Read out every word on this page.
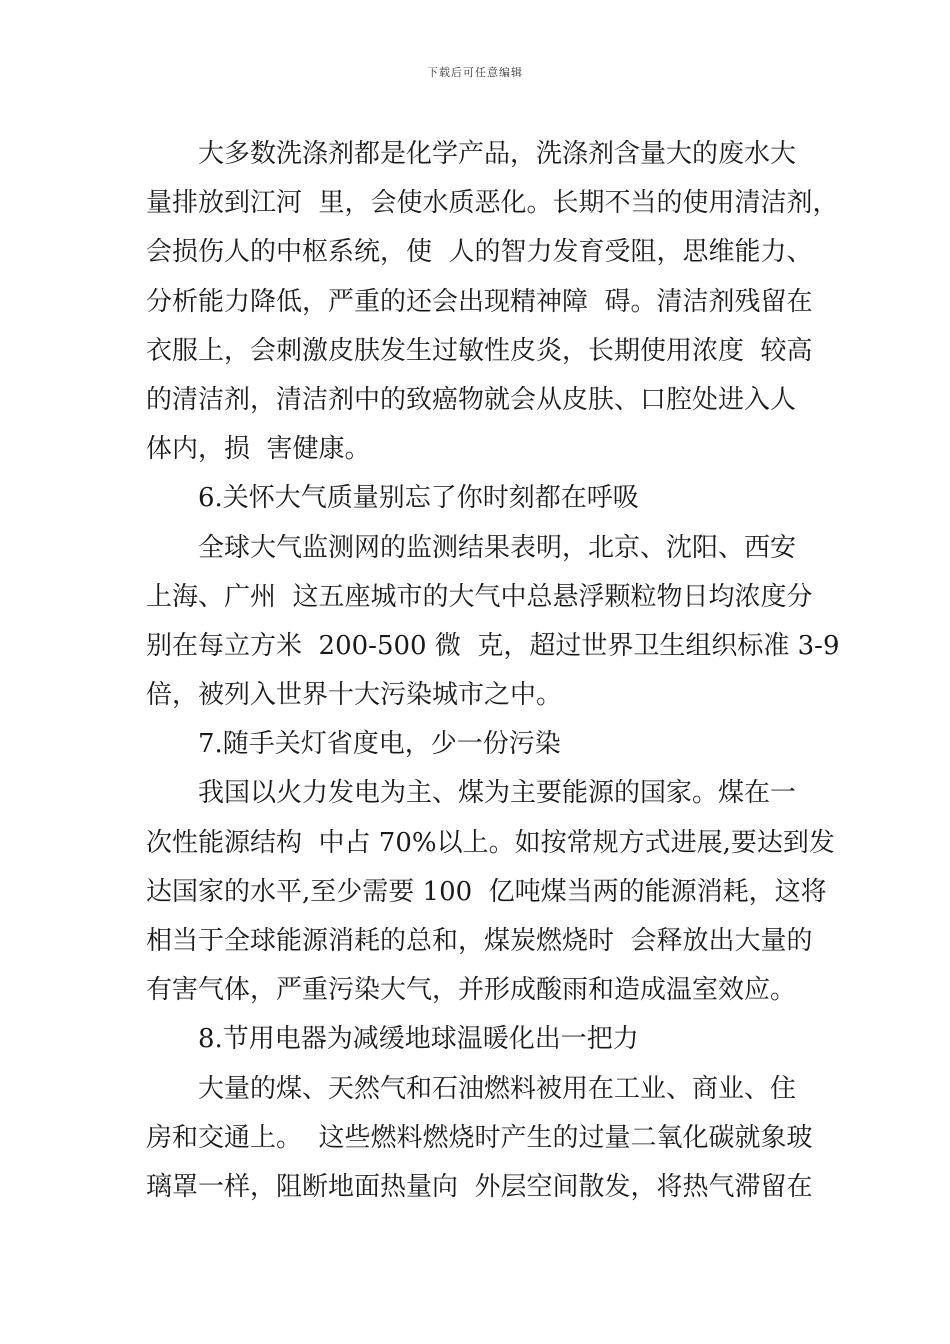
下载后可任意编辑
大多数洗涤剂都是化学产品，洗涤剂含量大的废水大
量排放到江河  里，会使水质恶化。长期不当的使用清洁剂，
会损伤人的中枢系统，使  人的智力发育受阻，思维能力、
分析能力降低，严重的还会出现精神障  碍。清洁剂残留在
衣服上，会刺激皮肤发生过敏性皮炎，长期使用浓度  较高
的清洁剂，清洁剂中的致癌物就会从皮肤、口腔处进入人
体内，损  害健康。
6.关怀大气质量别忘了你时刻都在呼吸
全球大气监测网的监测结果表明，北京、沈阳、西安
上海、广州  这五座城市的大气中总悬浮颗粒物日均浓度分
别在每立方米  200-500 微  克，超过世界卫生组织标准 3-9
倍，被列入世界十大污染城市之中。
7.随手关灯省度电，少一份污染
我国以火力发电为主、煤为主要能源的国家。煤在一
次性能源结构  中占 70%以上。如按常规方式进展,要达到发
达国家的水平,至少需要 100  亿吨煤当两的能源消耗，这将
相当于全球能源消耗的总和，煤炭燃烧时  会释放出大量的
有害气体，严重污染大气，并形成酸雨和造成温室效应。
8.节用电器为减缓地球温暖化出一把力
大量的煤、天然气和石油燃料被用在工业、商业、住
房和交通上。  这些燃料燃烧时产生的过量二氧化碳就象玻
璃罩一样，阻断地面热量向  外层空间散发，将热气滞留在
